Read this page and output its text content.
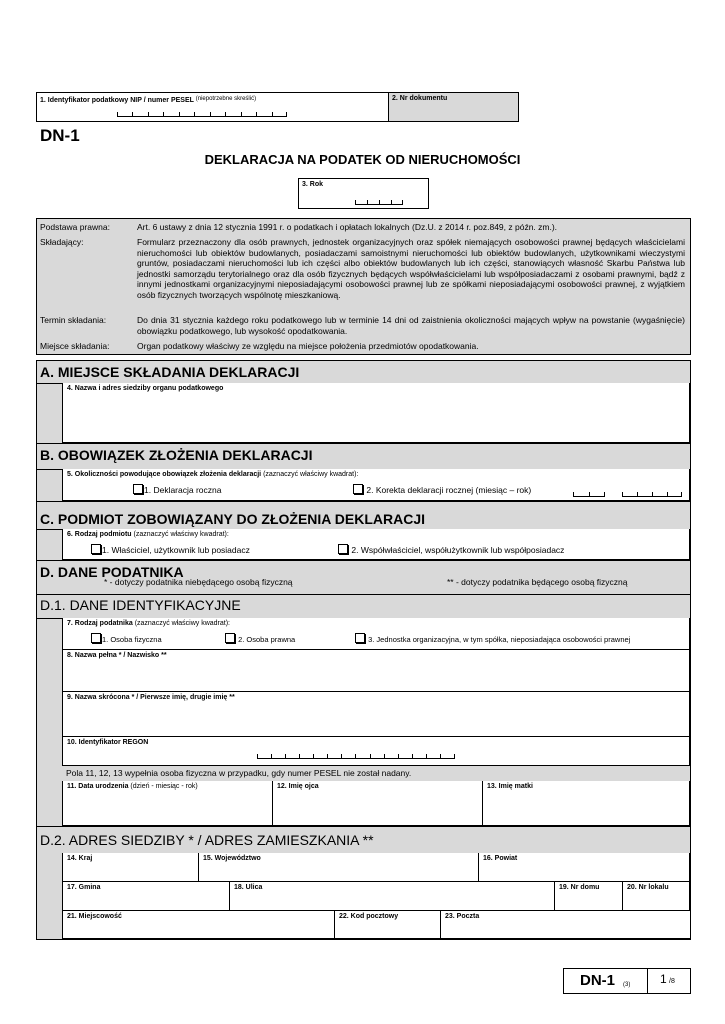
1. Identyfikator podatkowy NIP / numer PESEL (niepotrzebne skreślić)	2. Nr dokumentu
DN-1
DEKLARACJA NA PODATEK OD NIERUCHOMOŚCI
3. Rok
Podstawa prawna:	Art. 6 ustawy z dnia 12 stycznia 1991 r. o podatkach i opłatach lokalnych (Dz.U. z 2014 r. poz.849, z późn. zm.).
Składający:	Formularz przeznaczony dla osób prawnych, jednostek organizacyjnych oraz spółek niemających osobowości prawnej będących właścicielami nieruchomości lub obiektów budowlanych, posiadaczami samoistnymi nieruchomości lub obiektów budowlanych, użytkownikami wieczystymi gruntów, posiadaczami nieruchomości lub ich części albo obiektów budowlanych lub ich części, stanowiących własność Skarbu Państwa lub jednostki samorządu terytorialnego oraz dla osób fizycznych będących współwłaścicielami lub współposiadaczami z osobami prawnymi, bądź z innymi jednostkami organizacyjnymi nieposiadającymi osobowości prawnej lub ze spółkami nieposiadającymi osobowości prawnej, z wyjątkiem osób fizycznych tworzących wspólnotę mieszkaniową.
Termin składania:	Do dnia 31 stycznia każdego roku podatkowego lub w terminie 14 dni od zaistnienia okoliczności mających wpływ na powstanie (wygaśnięcie) obowiązku podatkowego, lub wysokość opodatkowania.
Miejsce składania:	Organ podatkowy właściwy ze względu na miejsce położenia przedmiotów opodatkowania.
A. MIEJSCE SKŁADANIA DEKLARACJI
4. Nazwa i adres siedziby organu podatkowego
B. OBOWIĄZEK ZŁOŻENIA DEKLARACJI
5. Okoliczności powodujące obowiązek złożenia deklaracji (zaznaczyć właściwy kwadrat):
1. Deklaracja roczna	2. Korekta deklaracji rocznej (miesiąc – rok)
C. PODMIOT ZOBOWIĄZANY DO ZŁOŻENIA DEKLARACJI
6. Rodzaj podmiotu (zaznaczyć właściwy kwadrat):
1. Właściciel, użytkownik lub posiadacz	2. Współwłaściciel, współużytkownik lub współposiadacz
D. DANE PODATNIKA
* - dotyczy podatnika niebędącego osobą fizyczną	** - dotyczy podatnika będącego osobą fizyczną
D.1. DANE IDENTYFIKACYJNE
7. Rodzaj podatnika (zaznaczyć właściwy kwadrat):
1. Osoba fizyczna	2. Osoba prawna	3. Jednostka organizacyjna, w tym spółka, nieposiadająca osobowości prawnej
8. Nazwa pełna * / Nazwisko **
9. Nazwa skrócona * / Pierwsze imię, drugie imię **
10. Identyfikator REGON
Pola 11, 12, 13 wypełnia osoba fizyczna w przypadku, gdy numer PESEL nie został nadany.
11. Data urodzenia (dzień - miesiąc - rok)	12. Imię ojca	13. Imię matki
D.2. ADRES SIEDZIBY * / ADRES ZAMIESZKANIA **
14. Kraj	15. Województwo	16. Powiat
17. Gmina	18. Ulica	19. Nr domu	20. Nr lokalu
21. Miejscowość	22. Kod pocztowy	23. Poczta
DN-1 (3) 1 /8
